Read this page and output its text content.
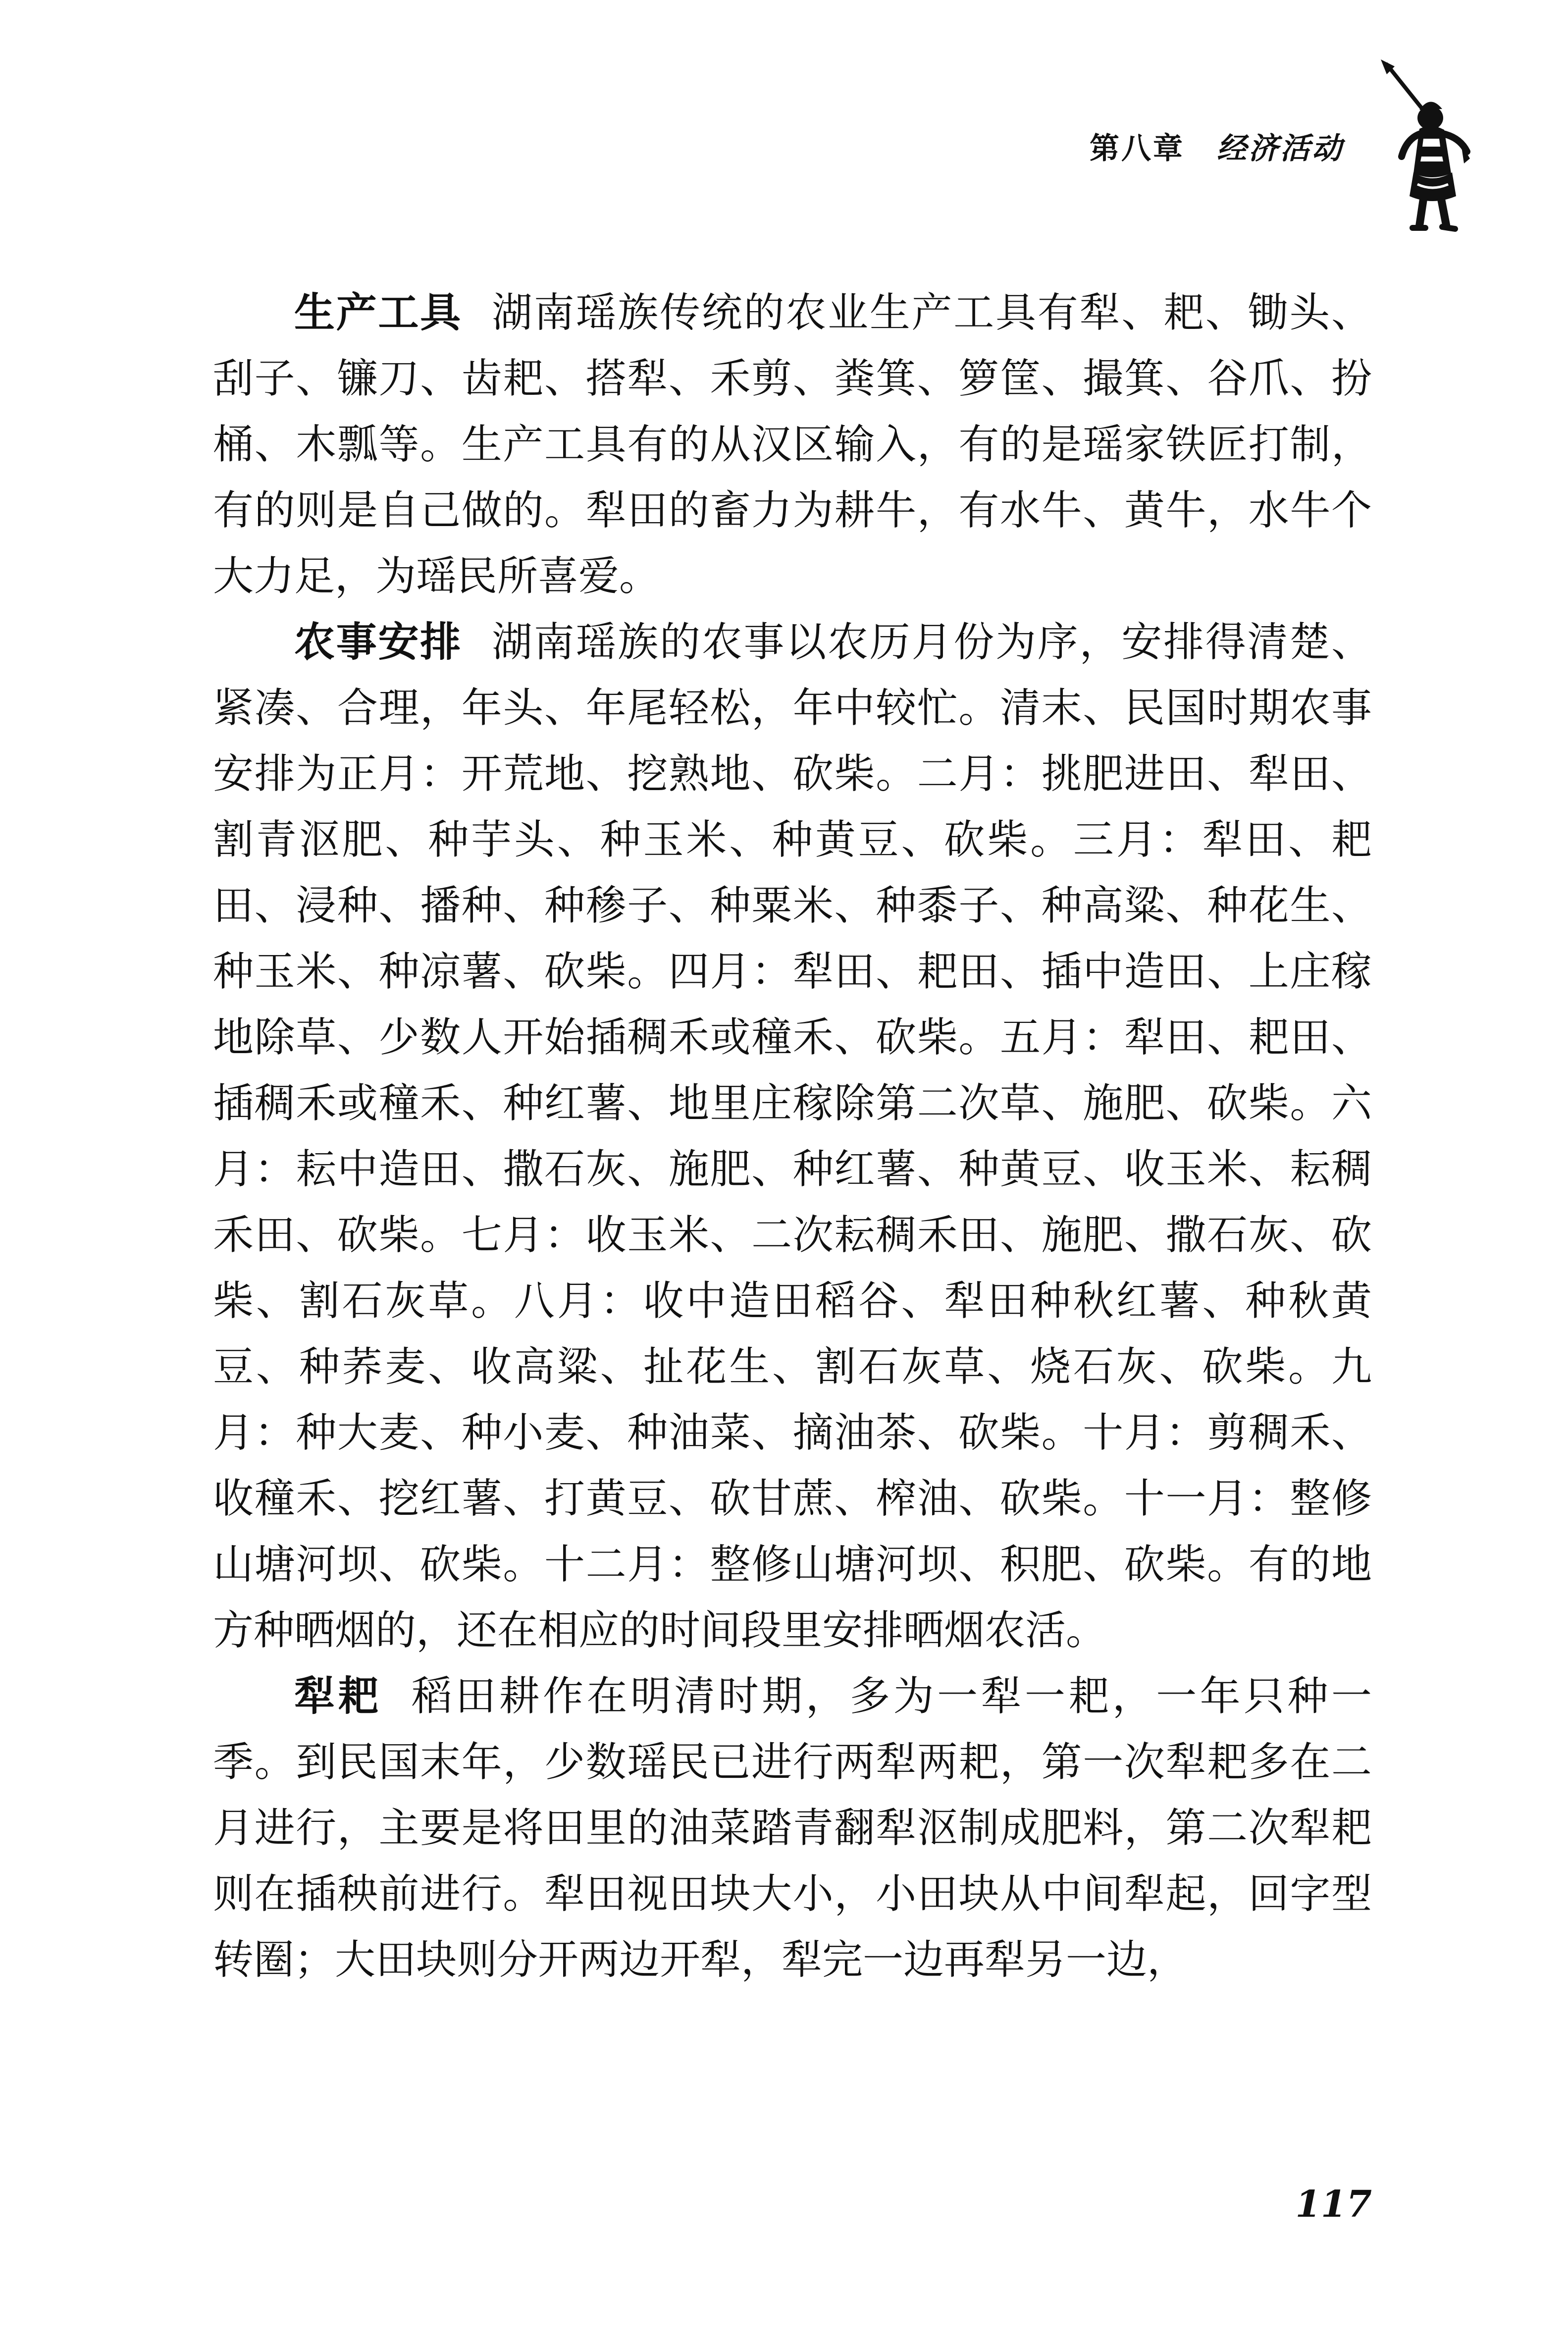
第八章 经济活动

生产工具 湖南瑶族传统的农业生产工具有犁、耙、锄头、刮子、镰刀、齿耙、搭犁、禾剪、粪箕、箩筐、撮箕、谷爪、扮桶、木瓢等。生产工具有的从汉区输入，有的是瑶家铁匠打制，有的则是自己做的。犁田的畜力为耕牛，有水牛、黄牛，水牛个大力足，为瑶民所喜爱。

农事安排 湖南瑶族的农事以农历月份为序，安排得清楚、紧凑、合理，年头、年尾轻松，年中较忙。清末、民国时期农事安排为正月：开荒地、挖熟地、砍柴。二月：挑肥进田、犁田、割青沤肥、种芋头、种玉米、种黄豆、砍柴。三月：犁田、耙田、浸种、播种、种䅟子、种粟米、种黍子、种高粱、种花生、种玉米、种凉薯、砍柴。四月：犁田、耙田、插中造田、上庄稼地除草、少数人开始插稠禾或穜禾、砍柴。五月：犁田、耙田、插稠禾或穜禾、种红薯、地里庄稼除第二次草、施肥、砍柴。六月：耘中造田、撒石灰、施肥、种红薯、种黄豆、收玉米、耘稠禾田、砍柴。七月：收玉米、二次耘稠禾田、施肥、撒石灰、砍柴、割石灰草。八月：收中造田稻谷、犁田种秋红薯、种秋黄豆、种荞麦、收高粱、扯花生、割石灰草、烧石灰、砍柴。九月：种大麦、种小麦、种油菜、摘油茶、砍柴。十月：剪稠禾、收穜禾、挖红薯、打黄豆、砍甘蔗、榨油、砍柴。十一月：整修山塘河坝、砍柴。十二月：整修山塘河坝、积肥、砍柴。有的地方种晒烟的，还在相应的时间段里安排晒烟农活。

犁耙 稻田耕作在明清时期，多为一犁一耙，一年只种一季。到民国末年，少数瑶民已进行两犁两耙，第一次犁耙多在二月进行，主要是将田里的油菜踏青翻犁沤制成肥料，第二次犁耙则在插秧前进行。犁田视田块大小，小田块从中间犁起，回字型转圈；大田块则分开两边开犁，犁完一边再犁另一边，

117
